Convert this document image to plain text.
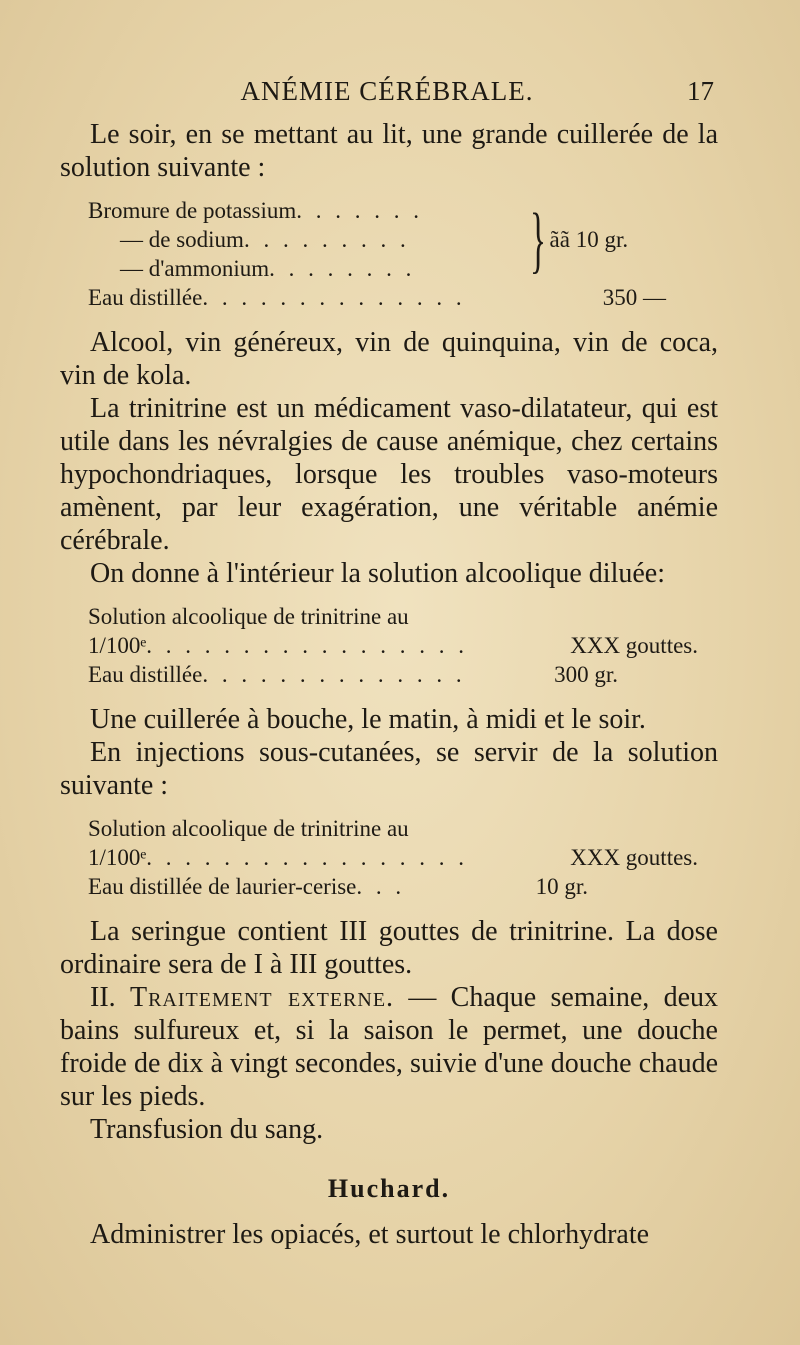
ANÉMIE CÉRÉBRALE.	17

Le soir, en se mettant au lit, une grande cuillerée de la solution suivante :

Bromure de potassium . . . . . . .
— de sodium . . . . . . . . .
— d'ammonium . . . . . . . .	} ãã 10 gr.
Eau distillée . . . . . . . . . . . . . .	350 —

Alcool, vin généreux, vin de quinquina, vin de coca, vin de kola.

La trinitrine est un médicament vaso-dilatateur, qui est utile dans les névralgies de cause anémique, chez certains hypochondriaques, lorsque les troubles vaso-moteurs amènent, par leur exagération, une véritable anémie cérébrale.

On donne à l'intérieur la solution alcoolique diluée:

Solution alcoolique de trinitrine au
1/100ᵉ . . . . . . . . . . . . . . . . .	XXX gouttes.
Eau distillée . . . . . . . . . . . . . .	300 gr.

Une cuillerée à bouche, le matin, à midi et le soir.

En injections sous-cutanées, se servir de la solution suivante :

Solution alcoolique de trinitrine au
1/100ᵉ . . . . . . . . . . . . . . . . .	XXX gouttes.
Eau distillée de laurier-cerise . . .	10 gr.

La seringue contient III gouttes de trinitrine. La dose ordinaire sera de I à III gouttes.

II. Traitement externe. — Chaque semaine, deux bains sulfureux et, si la saison le permet, une douche froide de dix à vingt secondes, suivie d'une douche chaude sur les pieds.

Transfusion du sang.

Huchard.

Administrer les opiacés, et surtout le chlorhydrate
